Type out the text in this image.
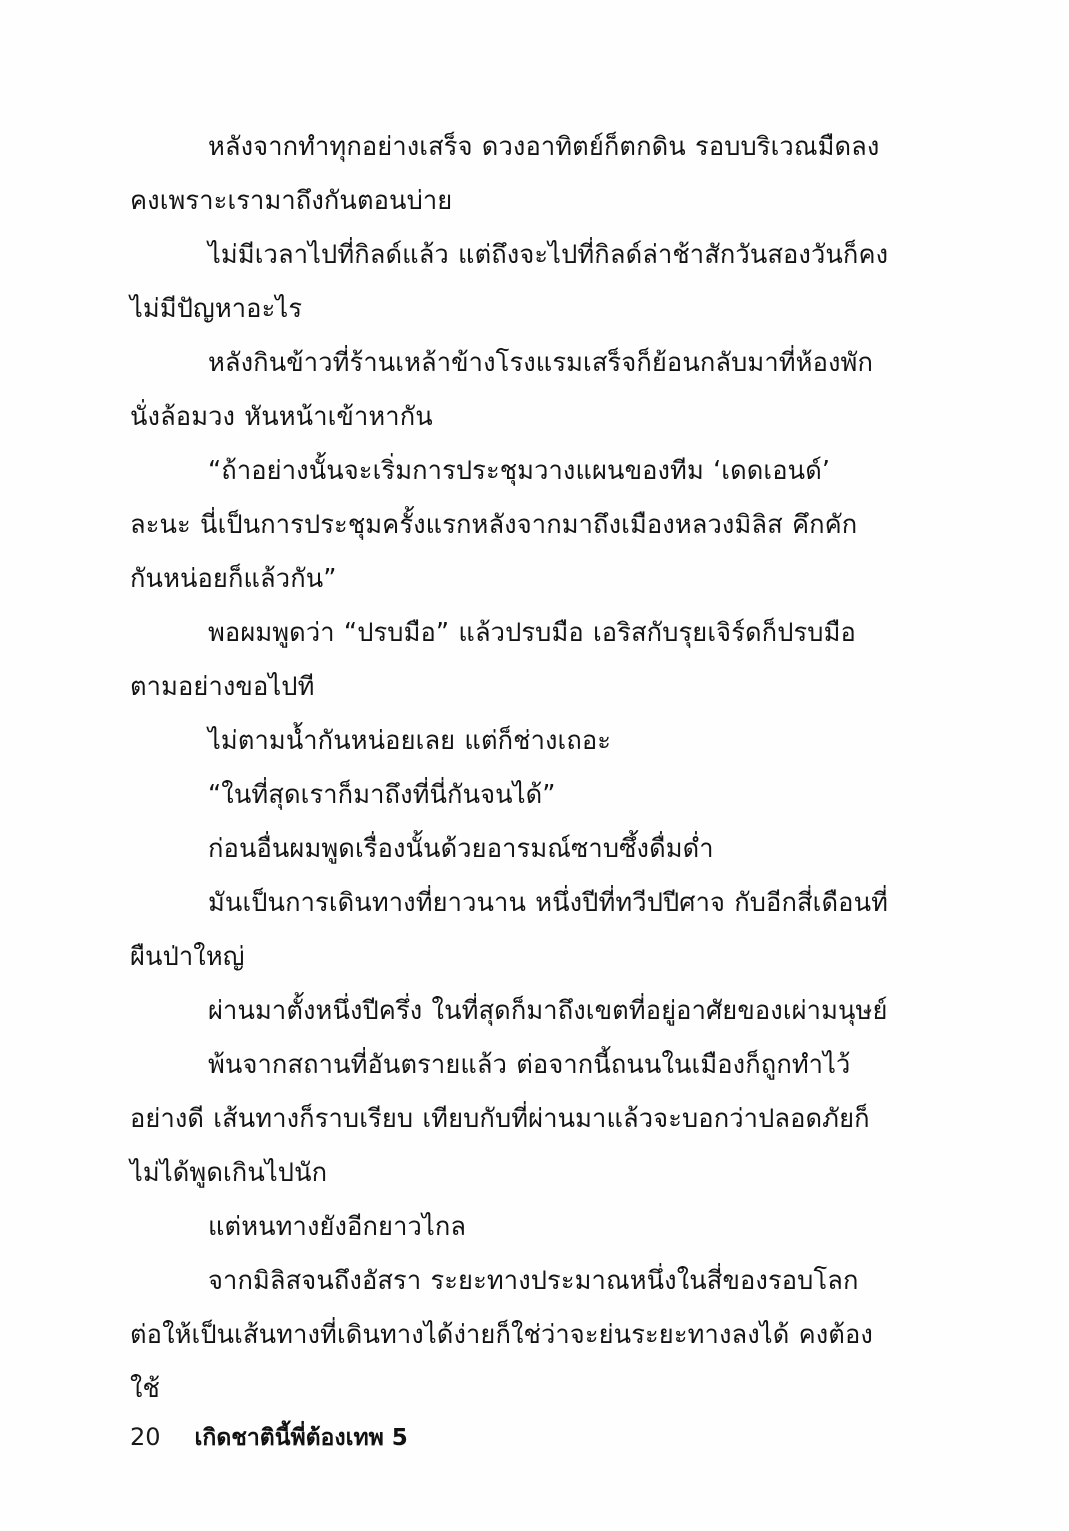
หลังจากทำทุกอย่างเสร็จ ดวงอาทิตย์ก็ตกดิน รอบบริเวณมืดลง คงเพราะเรามาถึงกันตอนบ่าย

ไม่มีเวลาไปที่กิลด์แล้ว แต่ถึงจะไปที่กิลด์ล่าช้าสักวันสองวันก็คงไม่มีปัญหาอะไร

หลังกินข้าวที่ร้านเหล้าข้างโรงแรมเสร็จก็ย้อนกลับมาที่ห้องพัก นั่งล้อมวง หันหน้าเข้าหากัน

“ถ้าอย่างนั้นจะเริ่มการประชุมวางแผนของทีม ‘เดดเอนด์’ ละนะ นี่เป็นการประชุมครั้งแรกหลังจากมาถึงเมืองหลวงมิลิส คึกคักกันหน่อยก็แล้วกัน”

พอผมพูดว่า “ปรบมือ” แล้วปรบมือ เอริสกับรุยเจิร์ดก็ปรบมือตามอย่างขอไปที

ไม่ตามน้ำกันหน่อยเลย แต่ก็ช่างเถอะ

“ในที่สุดเราก็มาถึงที่นี่กันจนได้”

ก่อนอื่นผมพูดเรื่องนั้นด้วยอารมณ์ซาบซึ้งดื่มด่ำ

มันเป็นการเดินทางที่ยาวนาน หนึ่งปีที่ทวีปปีศาจ กับอีกสี่เดือนที่ผืนป่าใหญ่

ผ่านมาตั้งหนึ่งปีครึ่ง ในที่สุดก็มาถึงเขตที่อยู่อาศัยของเผ่ามนุษย์

พ้นจากสถานที่อันตรายแล้ว ต่อจากนี้ถนนในเมืองก็ถูกทำไว้อย่างดี เส้นทางก็ราบเรียบ เทียบกับที่ผ่านมาแล้วจะบอกว่าปลอดภัยก็ไม่ได้พูดเกินไปนัก

แต่หนทางยังอีกยาวไกล

จากมิลิสจนถึงอัสรา ระยะทางประมาณหนึ่งในสี่ของรอบโลก ต่อให้เป็นเส้นทางที่เดินทางได้ง่ายก็ใช่ว่าจะย่นระยะทางลงได้ คงต้องใช้

20 เกิดชาตินี้พี่ต้องเทพ 5
